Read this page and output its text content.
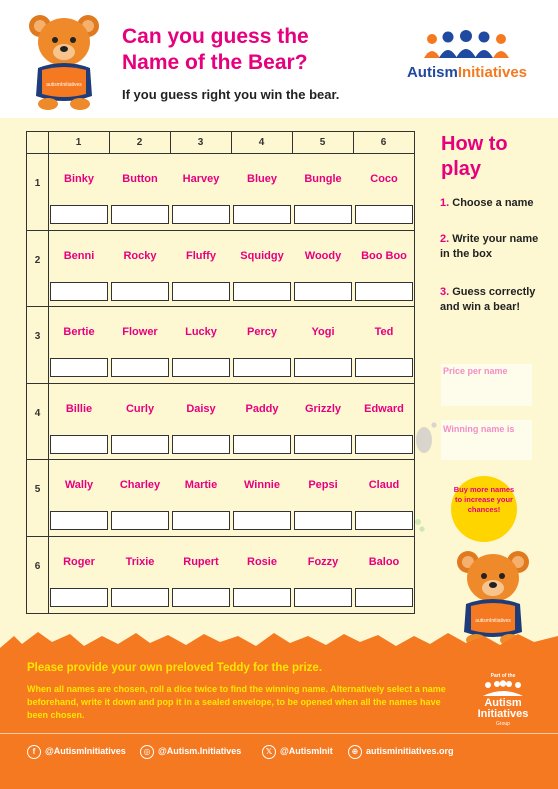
autismInitiatives
Can you guess the
Name of the Bear?
If you guess right you win the bear.
AutismInitiatives
1	2	3	4	5	6
1	Binky	Button	Harvey	Bluey	Bungle	Coco
2	Benni	Rocky	Fluffy	Squidgy	Woody	Boo Boo
3	Bertie	Flower	Lucky	Percy	Yogi	Ted
4	Billie	Curly	Daisy	Paddy	Grizzly	Edward
5	Wally	Charley	Martie	Winnie	Pepsi	Claud
6	Roger	Trixie	Rupert	Rosie	Fozzy	Baloo
How to
play
1. Choose a name
2. Write your name in the box
3. Guess correctly and win a bear!
Buy more names to increase your chances!
autismInitiatives
Please provide your own preloved Teddy for the prize.
When all names are chosen, roll a dice twice to find the winning name. Alternatively select a name beforehand, write it down and pop it in a sealed envelope, to be opened when all the names have been chosen.
Part of the
Autism
Initiatives
Group
f @AutismInitiatives	◎ @Autism.Initiatives	𝕏 @AutismInit	⊕ autisminitiatives.org
